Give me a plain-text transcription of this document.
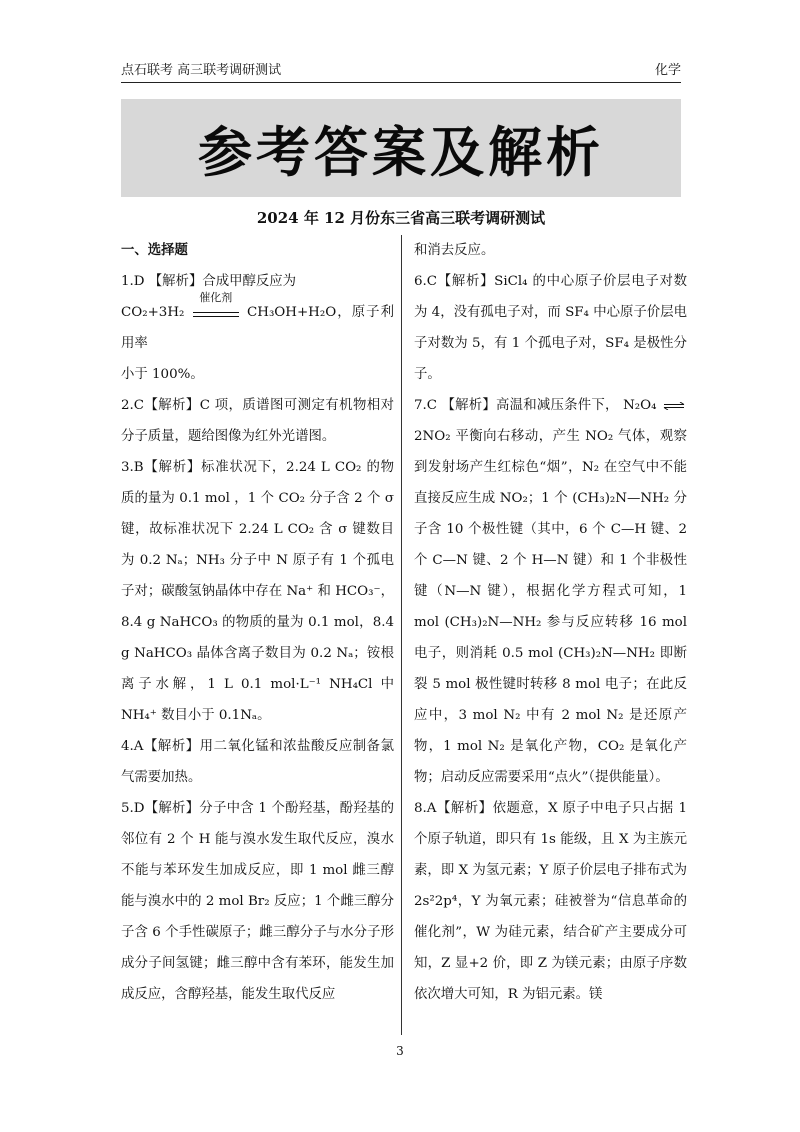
点石联考 高三联考调研测试	化学
参考答案及解析
2024 年 12 月份东三省高三联考调研测试

一、选择题

1.D 【解析】合成甲醇反应为
CO₂+3H₂
催化剂
CH₃OH+H₂O，原子利用率
小于 100%。

2.C【解析】C 项，质谱图可测定有机物相对分子质量，题给图像为红外光谱图。

3.B【解析】标准状况下，2.24 L CO₂ 的物质的量为 0.1 mol ，1 个 CO₂ 分子含 2 个 σ 键，故标准状况下 2.24 L CO₂ 含 σ 键数目为 0.2 Nₐ；NH₃ 分子中 N 原子有 1 个孤电子对；碳酸氢钠晶体中存在 Na⁺ 和 HCO₃⁻，8.4 g NaHCO₃ 的物质的量为 0.1 mol，8.4 g NaHCO₃ 晶体含离子数目为 0.2 Nₐ；铵根离子水解，1 L 0.1 mol·L⁻¹ NH₄Cl 中 NH₄⁺ 数目小于 0.1Nₐ。

4.A【解析】用二氧化锰和浓盐酸反应制备氯气需要加热。

5.D【解析】分子中含 1 个酚羟基，酚羟基的邻位有 2 个 H 能与溴水发生取代反应，溴水不能与苯环发生加成反应，即 1 mol 雌三醇能与溴水中的 2 mol Br₂ 反应；1 个雌三醇分子含 6 个手性碳原子；雌三醇分子与水分子形成分子间氢键；雌三醇中含有苯环，能发生加成反应，含醇羟基，能发生取代反应

和消去反应。

6.C【解析】SiCl₄ 的中心原子价层电子对数为 4，没有孤电子对，而 SF₄ 中心原子价层电子对数为 5，有 1 个孤电子对，SF₄ 是极性分子。

7.C 【解析】高温和减压条件下， N₂O₄ ⇌ 2NO₂ 平衡向右移动，产生 NO₂ 气体，观察到发射场产生红棕色“烟”，N₂ 在空气中不能直接反应生成 NO₂；1 个 (CH₃)₂N—NH₂ 分子含 10 个极性键（其中，6 个 C—H 键、2 个 C—N 键、2 个 H—N 键）和 1 个非极性键（N—N 键），根据化学方程式可知，1 mol (CH₃)₂N—NH₂ 参与反应转移 16 mol 电子，则消耗 0.5 mol (CH₃)₂N—NH₂ 即断裂 5 mol 极性键时转移 8 mol 电子；在此反应中，3 mol N₂ 中有 2 mol N₂ 是还原产物，1 mol N₂ 是氧化产物，CO₂ 是氧化产物；启动反应需要采用“点火”（提供能量）。

8.A【解析】依题意，X 原子中电子只占据 1 个原子轨道，即只有 1s 能级，且 X 为主族元素，即 X 为氢元素；Y 原子价层电子排布式为 2s²2p⁴，Y 为氧元素；硅被誉为“信息革命的催化剂”，W 为硅元素，结合矿产主要成分可知，Z 显+2 价，即 Z 为镁元素；由原子序数依次增大可知，R 为铝元素。镁

3
